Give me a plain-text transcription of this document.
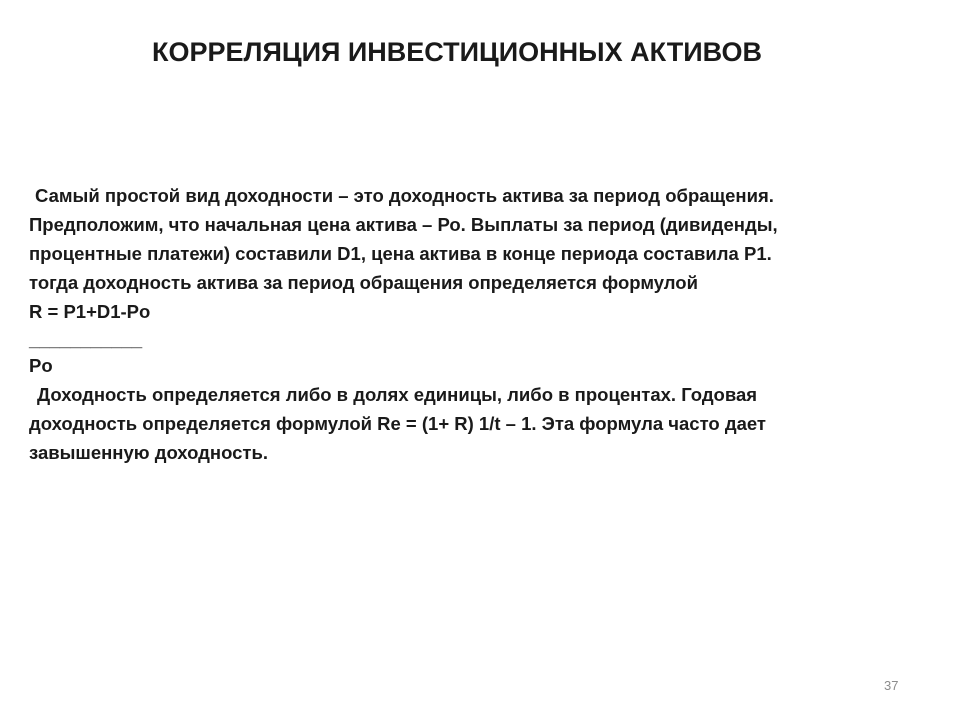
КОРРЕЛЯЦИЯ ИНВЕСТИЦИОННЫХ АКТИВОВ
Самый простой вид доходности – это доходность актива за период обращения.
Предположим, что начальная цена актива – Ро. Выплаты за период (дивиденды,
процентные платежи) составили D1, цена актива в конце периода составила Р1.
тогда доходность актива за период обращения определяется формулой
R = P1+D1-Po
___________
Po
Доходность определяется либо в долях единицы, либо в процентах. Годовая
доходность определяется формулой Re = (1+ R) 1/t – 1. Эта формула часто дает
завышенную доходность.
37
